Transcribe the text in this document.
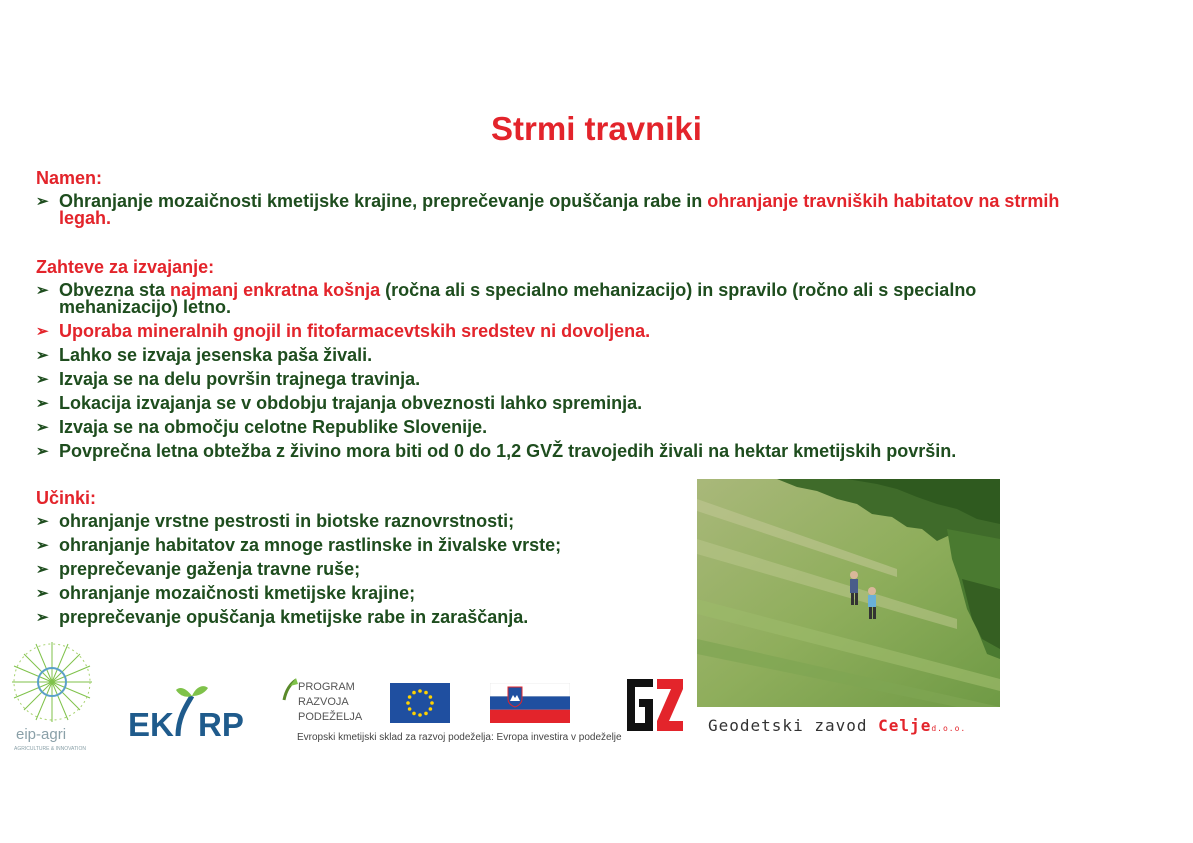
Strmi travniki
Namen:
➢ Ohranjanje mozaičnosti kmetijske krajine, preprečevanje opuščanja rabe in ohranjanje travniških habitatov na strmih legah.
Zahteve za izvajanje:
➢ Obvezna sta najmanj enkratna košnja (ročna ali s specialno mehanizacijo) in spravilo (ročno ali s specialno mehanizacijo) letno.
➢ Uporaba mineralnih gnojil in fitofarmacevtskih sredstev ni dovoljena.
➢ Lahko se izvaja jesenska paša živali.
➢ Izvaja se na delu površin trajnega travinja.
➢ Lokacija izvajanja se v obdobju trajanja obveznosti lahko spreminja.
➢ Izvaja se na območju celotne Republike Slovenije.
➢ Povprečna letna obtežba z živino mora biti od 0 do 1,2 GVŽ travojedih živali na hektar kmetijskih površin.
Učinki:
➢ ohranjanje vrstne pestrosti in biotske raznovrstnosti;
➢ ohranjanje habitatov za mnoge rastlinske in živalske vrste;
➢ preprečevanje gaženja travne ruše;
➢ ohranjanje mozaičnosti kmetijske krajine;
➢ preprečevanje opuščanja kmetijske rabe in zaraščanja.
eip-agri
AGRICULTURE & INNOVATION
EK RP
PROGRAM
RAZVOJA
PODEŽELJA
Evropski kmetijski sklad za razvoj podeželja: Evropa investira v podeželje
Geodetski zavod Celjed.o.o.
